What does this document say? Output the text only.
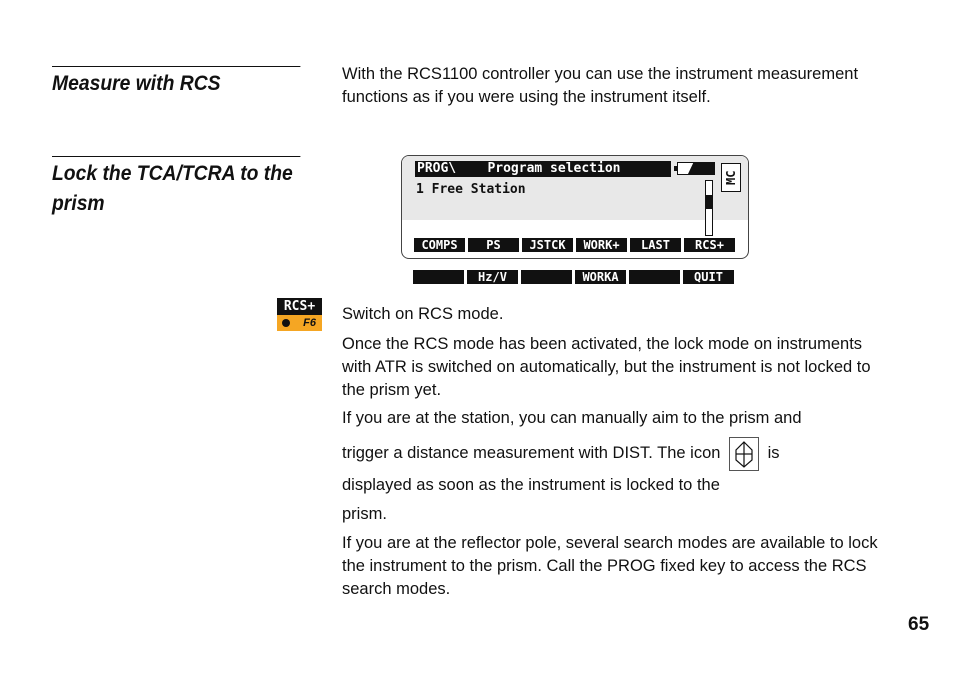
Measure with RCS
Lock the TCA/TCRA to the
prism

With the RCS1100 controller you can use the instrument measurement functions as if you were using the instrument itself.

PROG\    Program selection
MC
1 Free Station
COMPS	PS	JSTCK	WORK+	LAST	RCS+
Hz/V	WORKA	QUIT
RCS+
F6 Switch on RCS mode.

Once the RCS mode has been activated, the lock mode on instruments with ATR is switched on automatically, but the instrument is not locked to the prism yet.

If you are at the station, you can manually aim to the prism and

trigger a distance measurement with DIST. The icon	is

displayed as soon as the instrument is locked to the

prism.

If you are at the reflector pole, several search modes are available to lock the instrument to the prism. Call the PROG fixed key to access the RCS search modes.

65
